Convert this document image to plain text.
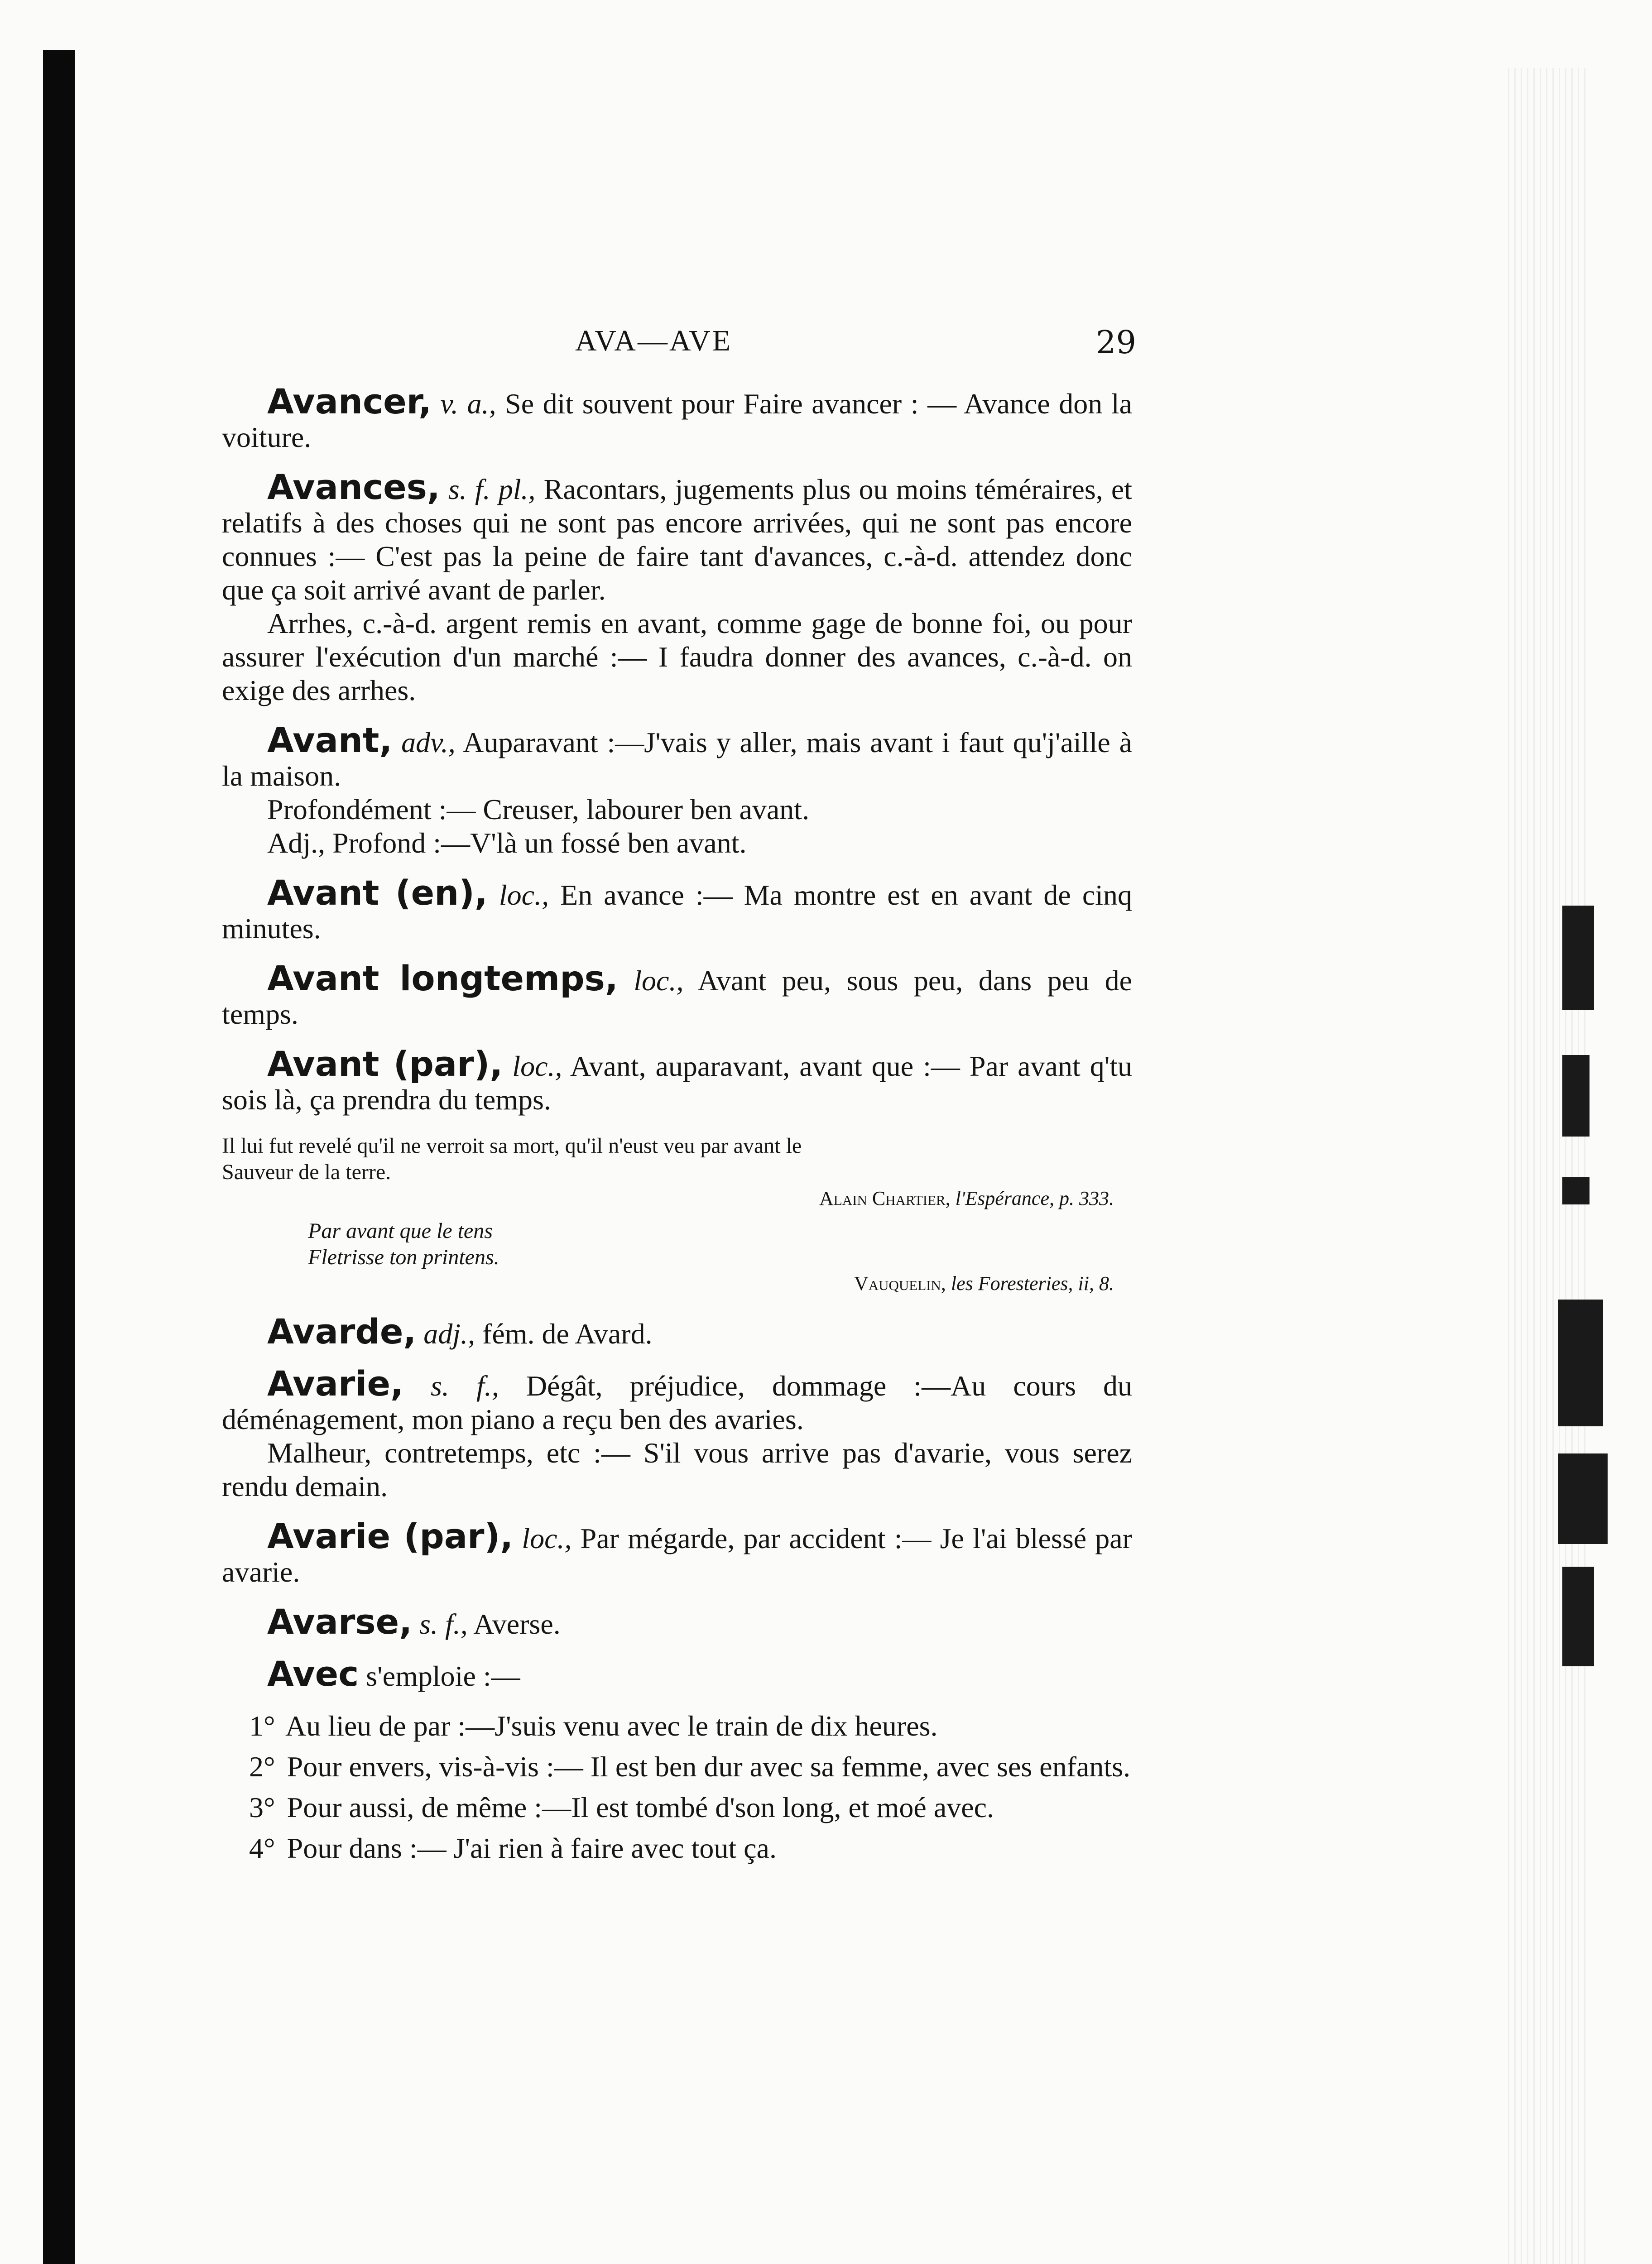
AVA—AVE	29

Avancer, v. a., Se dit souvent pour Faire avancer : — Avance don la voiture.

Avances, s. f. pl., Racontars, jugements plus ou moins téméraires, et relatifs à des choses qui ne sont pas encore arrivées, qui ne sont pas encore connues :— C'est pas la peine de faire tant d'avances, c.-à-d. attendez donc que ça soit arrivé avant de parler.

Arrhes, c.-à-d. argent remis en avant, comme gage de bonne foi, ou pour assurer l'exécution d'un marché :— I faudra donner des avances, c.-à-d. on exige des arrhes.

Avant, adv., Auparavant :—J'vais y aller, mais avant i faut qu'j'aille à la maison.

Profondément :— Creuser, labourer ben avant.

Adj., Profond :—V'là un fossé ben avant.

Avant (en), loc., En avance :— Ma montre est en avant de cinq minutes.

Avant longtemps, loc., Avant peu, sous peu, dans peu de temps.

Avant (par), loc., Avant, auparavant, avant que :— Par avant q'tu sois là, ça prendra du temps.

Il lui fut revelé qu'il ne verroit sa mort, qu'il n'eust veu par avant le

Sauveur de la terre.

Alain Chartier, l'Espérance, p. 333.

Par avant que le tens

Fletrisse ton printens.

Vauquelin, les Foresteries, ii, 8.

Avarde, adj., fém. de Avard.

Avarie, s. f., Dégât, préjudice, dommage :—Au cours du déménagement, mon piano a reçu ben des avaries.

Malheur, contretemps, etc :— S'il vous arrive pas d'avarie, vous serez rendu demain.

Avarie (par), loc., Par mégarde, par accident :— Je l'ai blessé par avarie.

Avarse, s. f., Averse.

Avec s'emploie :—

1° Au lieu de par :—J'suis venu avec le train de dix heures.

2° Pour envers, vis-à-vis :— Il est ben dur avec sa femme, avec ses enfants.

3° Pour aussi, de même :—Il est tombé d'son long, et moé avec.

4° Pour dans :— J'ai rien à faire avec tout ça.
